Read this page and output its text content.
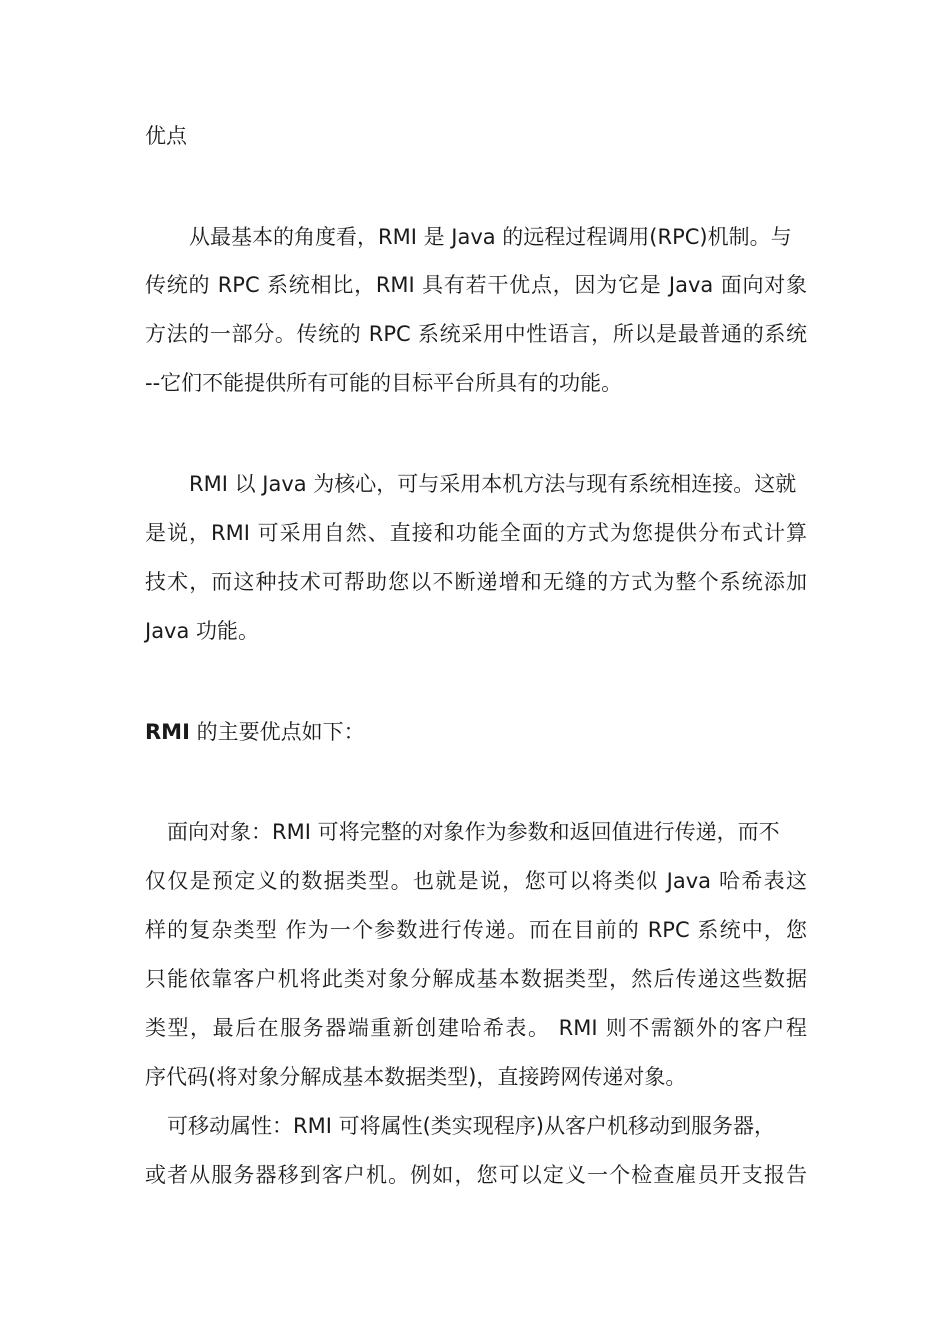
优点
从最基本的角度看，RMI 是 Java 的远程过程调用(RPC)机制。与
传统的 RPC 系统相比，RMI 具有若干优点，因为它是 Java 面向对象
方法的一部分。传统的 RPC 系统采用中性语言，所以是最普通的系统
--它们不能提供所有可能的目标平台所具有的功能。
RMI 以 Java 为核心，可与采用本机方法与现有系统相连接。这就
是说，RMI 可采用自然、直接和功能全面的方式为您提供分布式计算
技术，而这种技术可帮助您以不断递增和无缝的方式为整个系统添加
Java 功能。
RMI 的主要优点如下：
面向对象：RMI 可将完整的对象作为参数和返回值进行传递，而不
仅仅是预定义的数据类型。也就是说，您可以将类似 Java 哈希表这
样的复杂类型 作为一个参数进行传递。而在目前的 RPC 系统中，您
只能依靠客户机将此类对象分解成基本数据类型，然后传递这些数据
类型，最后在服务器端重新创建哈希表。 RMI 则不需额外的客户程
序代码(将对象分解成基本数据类型)，直接跨网传递对象。
可移动属性：RMI 可将属性(类实现程序)从客户机移动到服务器，
或者从服务器移到客户机。例如，您可以定义一个检查雇员开支报告
